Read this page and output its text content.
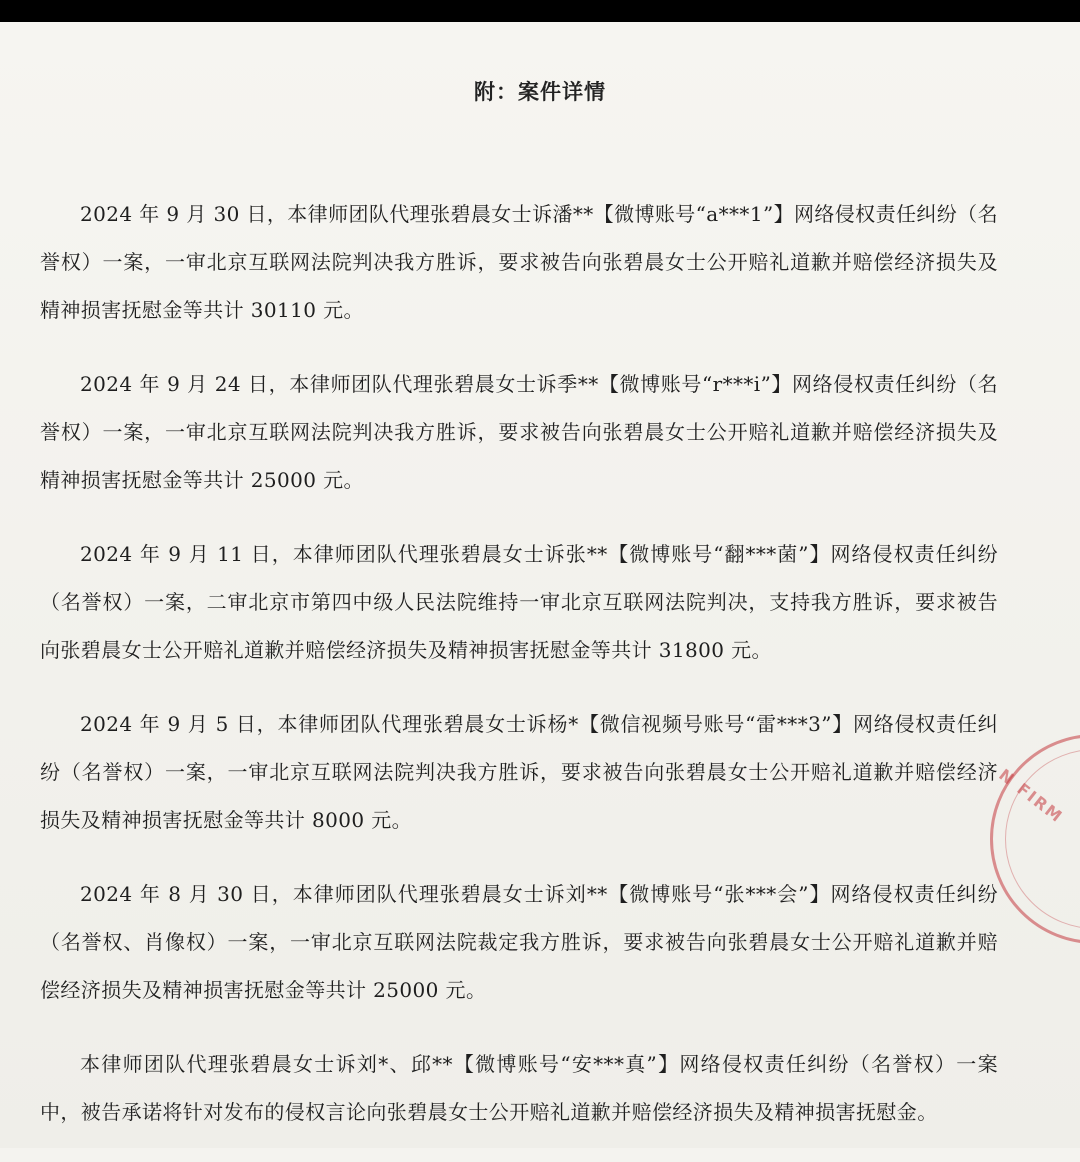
附：案件详情

2024 年 9 月 30 日，本律师团队代理张碧晨女士诉潘**【微博账号“a***1”】网络侵权责任纠纷（名誉权）一案，一审北京互联网法院判决我方胜诉，要求被告向张碧晨女士公开赔礼道歉并赔偿经济损失及精神损害抚慰金等共计 30110 元。

2024 年 9 月 24 日，本律师团队代理张碧晨女士诉季**【微博账号“r***i”】网络侵权责任纠纷（名誉权）一案，一审北京互联网法院判决我方胜诉，要求被告向张碧晨女士公开赔礼道歉并赔偿经济损失及精神损害抚慰金等共计 25000 元。

2024 年 9 月 11 日，本律师团队代理张碧晨女士诉张**【微博账号“翻***菌”】网络侵权责任纠纷（名誉权）一案，二审北京市第四中级人民法院维持一审北京互联网法院判决，支持我方胜诉，要求被告向张碧晨女士公开赔礼道歉并赔偿经济损失及精神损害抚慰金等共计 31800 元。

2024 年 9 月 5 日，本律师团队代理张碧晨女士诉杨*【微信视频号账号“雷***3”】网络侵权责任纠纷（名誉权）一案，一审北京互联网法院判决我方胜诉，要求被告向张碧晨女士公开赔礼道歉并赔偿经济损失及精神损害抚慰金等共计 8000 元。

2024 年 8 月 30 日，本律师团队代理张碧晨女士诉刘**【微博账号“张***会”】网络侵权责任纠纷（名誉权、肖像权）一案，一审北京互联网法院裁定我方胜诉，要求被告向张碧晨女士公开赔礼道歉并赔偿经济损失及精神损害抚慰金等共计 25000 元。

本律师团队代理张碧晨女士诉刘*、邱**【微博账号“安***真”】网络侵权责任纠纷（名誉权）一案中，被告承诺将针对发布的侵权言论向张碧晨女士公开赔礼道歉并赔偿经济损失及精神损害抚慰金。

N FIRM
